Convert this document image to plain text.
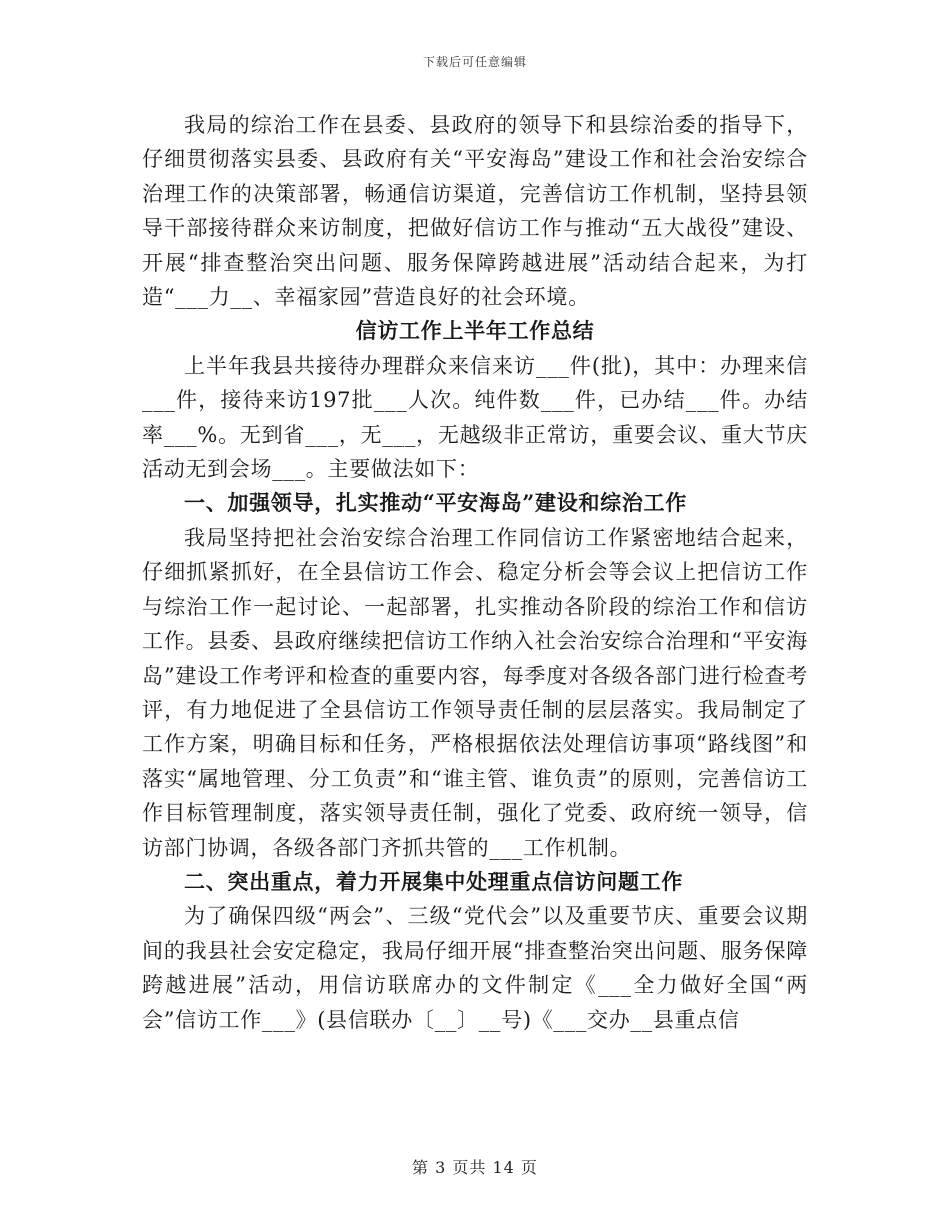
下载后可任意编辑

我局的综治工作在县委、县政府的领导下和县综治委的指导下，仔细贯彻落实县委、县政府有关“平安海岛”建设工作和社会治安综合治理工作的决策部署，畅通信访渠道，完善信访工作机制，坚持县领导干部接待群众来访制度，把做好信访工作与推动“五大战役”建设、开展“排查整治突出问题、服务保障跨越进展”活动结合起来，为打造“___力__、幸福家园”营造良好的社会环境。

信访工作上半年工作总结

上半年我县共接待办理群众来信来访___件(批)，其中：办理来信___件，接待来访197批___人次。纯件数___件，已办结___件。办结率___%。无到省___，无___，无越级非正常访，重要会议、重大节庆活动无到会场___。主要做法如下：

一、加强领导，扎实推动“平安海岛”建设和综治工作

我局坚持把社会治安综合治理工作同信访工作紧密地结合起来，仔细抓紧抓好，在全县信访工作会、稳定分析会等会议上把信访工作与综治工作一起讨论、一起部署，扎实推动各阶段的综治工作和信访工作。县委、县政府继续把信访工作纳入社会治安综合治理和“平安海岛”建设工作考评和检查的重要内容，每季度对各级各部门进行检查考评，有力地促进了全县信访工作领导责任制的层层落实。我局制定了工作方案，明确目标和任务，严格根据依法处理信访事项“路线图”和落实“属地管理、分工负责”和“谁主管、谁负责”的原则，完善信访工作目标管理制度，落实领导责任制，强化了党委、政府统一领导，信访部门协调，各级各部门齐抓共管的___工作机制。

二、突出重点，着力开展集中处理重点信访问题工作

为了确保四级“两会”、三级“党代会”以及重要节庆、重要会议期间的我县社会安定稳定，我局仔细开展“排查整治突出问题、服务保障跨越进展”活动，用信访联席办的文件制定《___全力做好全国“两会”信访工作___》(县信联办〔__〕__号)《___交办__县重点信

第 3 页共 14 页
